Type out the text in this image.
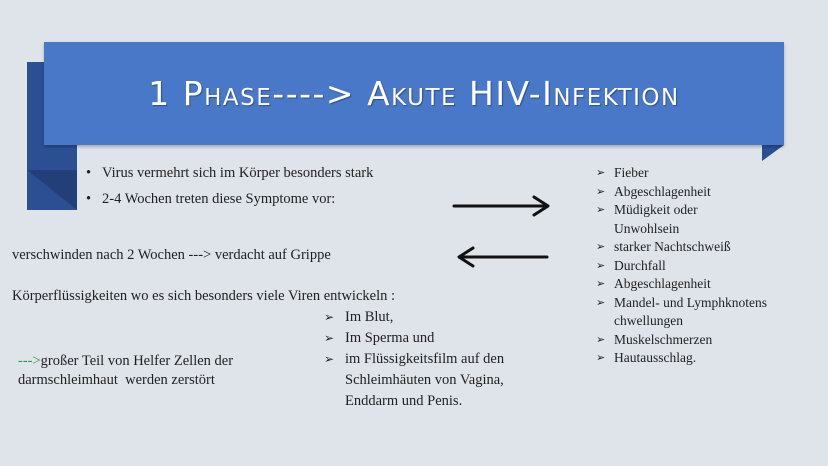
1 Phase----> Akute HIV-Infektion
• Virus vermehrt sich im Körper besonders stark
• 2-4 Wochen treten diese Symptome vor:
➢ Fieber
➢ Abgeschlagenheit
➢ Müdigkeit oder Unwohlsein
➢ starker Nachtschweiß
➢ Durchfall
➢ Abgeschlagenheit
➢ Mandel- und Lymphknotenschwellungen
➢ Muskelschmerzen
➢ Hautausschlag.

verschwinden nach 2 Wochen ---> verdacht auf Grippe

Körperflüssigkeiten wo es sich besonders viele Viren entwickeln :

➢ Im Blut,
➢ Im Sperma und
➢ im Flüssigkeitsfilm auf den Schleimhäuten von Vagina, Enddarm und Penis.

--->großer Teil von Helfer Zellen der
darmschleimhaut  werden zerstört
